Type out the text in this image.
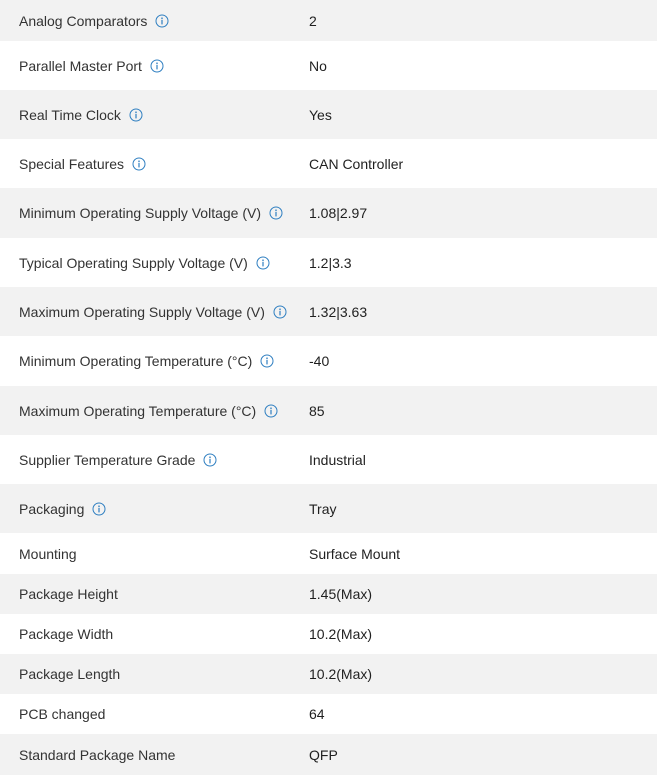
Analog Comparators	2
Parallel Master Port	No
Real Time Clock	Yes
Special Features	CAN Controller
Minimum Operating Supply Voltage (V)	1.08|2.97
Typical Operating Supply Voltage (V)	1.2|3.3
Maximum Operating Supply Voltage (V)	1.32|3.63
Minimum Operating Temperature (°C)	-40
Maximum Operating Temperature (°C)	85
Supplier Temperature Grade	Industrial
Packaging	Tray
Mounting	Surface Mount
Package Height	1.45(Max)
Package Width	10.2(Max)
Package Length	10.2(Max)
PCB changed	64
Standard Package Name	QFP
